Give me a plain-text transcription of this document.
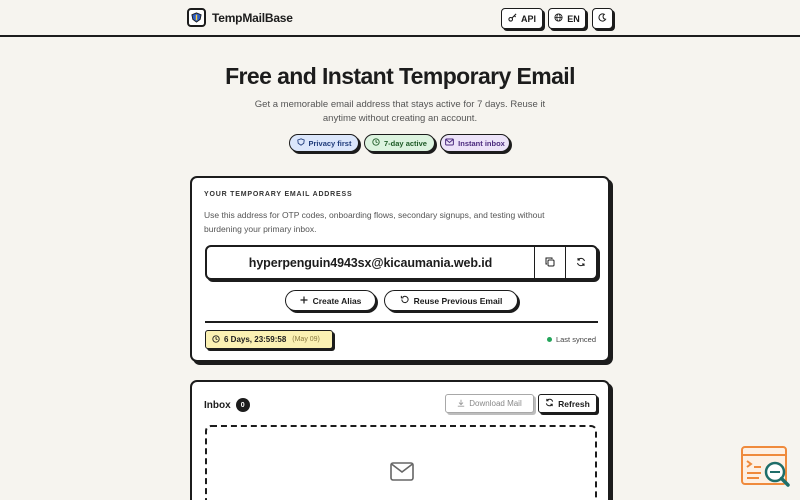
TempMailBase	API	EN
Free and Instant Temporary Email

Get a memorable email address that stays active for 7 days. Reuse it anytime without creating an account.

Privacy first	7-day active	Instant inbox
YOUR TEMPORARY EMAIL ADDRESS
Use this address for OTP codes, onboarding flows, secondary signups, and testing without burdening your primary inbox.
hyperpenguin4943sx@kicaumania.web.id
Create Alias	Reuse Previous Email
6 Days, 23:59:58 (May 09)	Last synced
Inbox	0	Download Mail	Refresh
